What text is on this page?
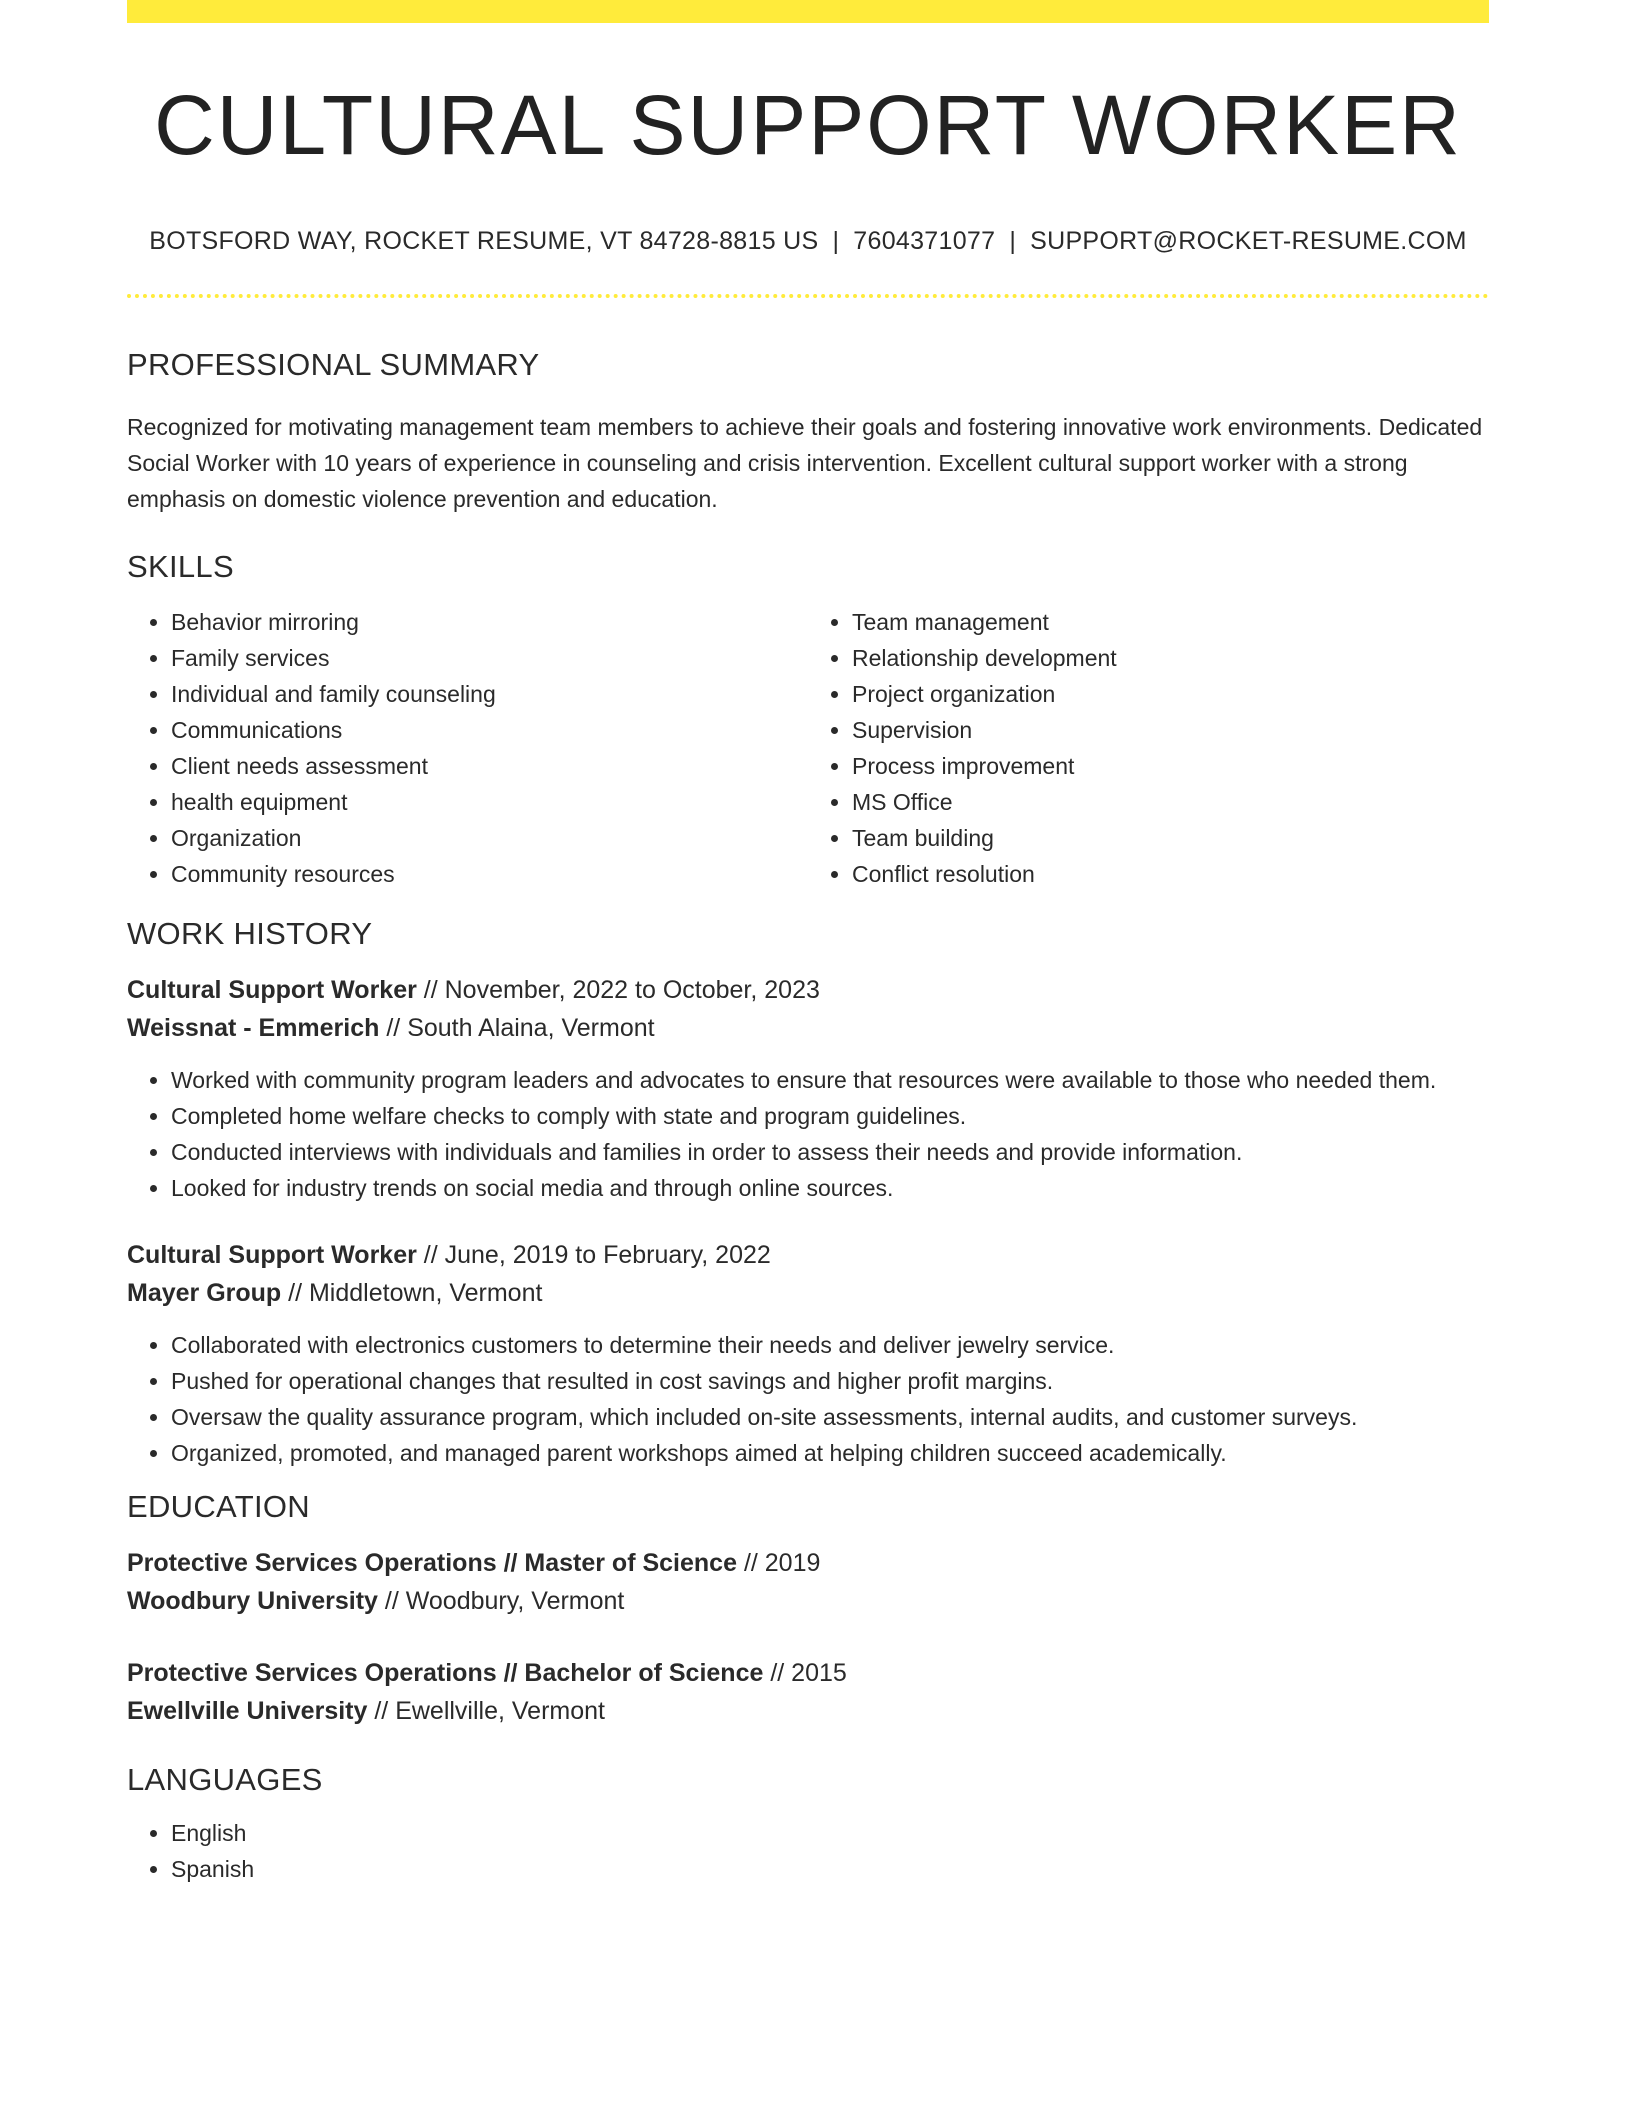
CULTURAL SUPPORT WORKER
BOTSFORD WAY, ROCKET RESUME, VT 84728-8815 US | 7604371077 | SUPPORT@ROCKET-RESUME.COM
PROFESSIONAL SUMMARY

Recognized for motivating management team members to achieve their goals and fostering innovative work environments. Dedicated Social Worker with 10 years of experience in counseling and crisis intervention. Excellent cultural support worker with a strong emphasis on domestic violence prevention and education.

SKILLS
• Behavior mirroring
• Family services
• Individual and family counseling
• Communications
• Client needs assessment
• health equipment
• Organization
• Community resources
• Team management
• Relationship development
• Project organization
• Supervision
• Process improvement
• MS Office
• Team building
• Conflict resolution
WORK HISTORY
Cultural Support Worker // November, 2022 to October, 2023
Weissnat - Emmerich // South Alaina, Vermont
• Worked with community program leaders and advocates to ensure that resources were available to those who needed them.
• Completed home welfare checks to comply with state and program guidelines.
• Conducted interviews with individuals and families in order to assess their needs and provide information.
• Looked for industry trends on social media and through online sources.
Cultural Support Worker // June, 2019 to February, 2022
Mayer Group // Middletown, Vermont
• Collaborated with electronics customers to determine their needs and deliver jewelry service.
• Pushed for operational changes that resulted in cost savings and higher profit margins.
• Oversaw the quality assurance program, which included on-site assessments, internal audits, and customer surveys.
• Organized, promoted, and managed parent workshops aimed at helping children succeed academically.
EDUCATION
Protective Services Operations // Master of Science // 2019
Woodbury University // Woodbury, Vermont
Protective Services Operations // Bachelor of Science // 2015
Ewellville University // Ewellville, Vermont
LANGUAGES
• English
• Spanish
